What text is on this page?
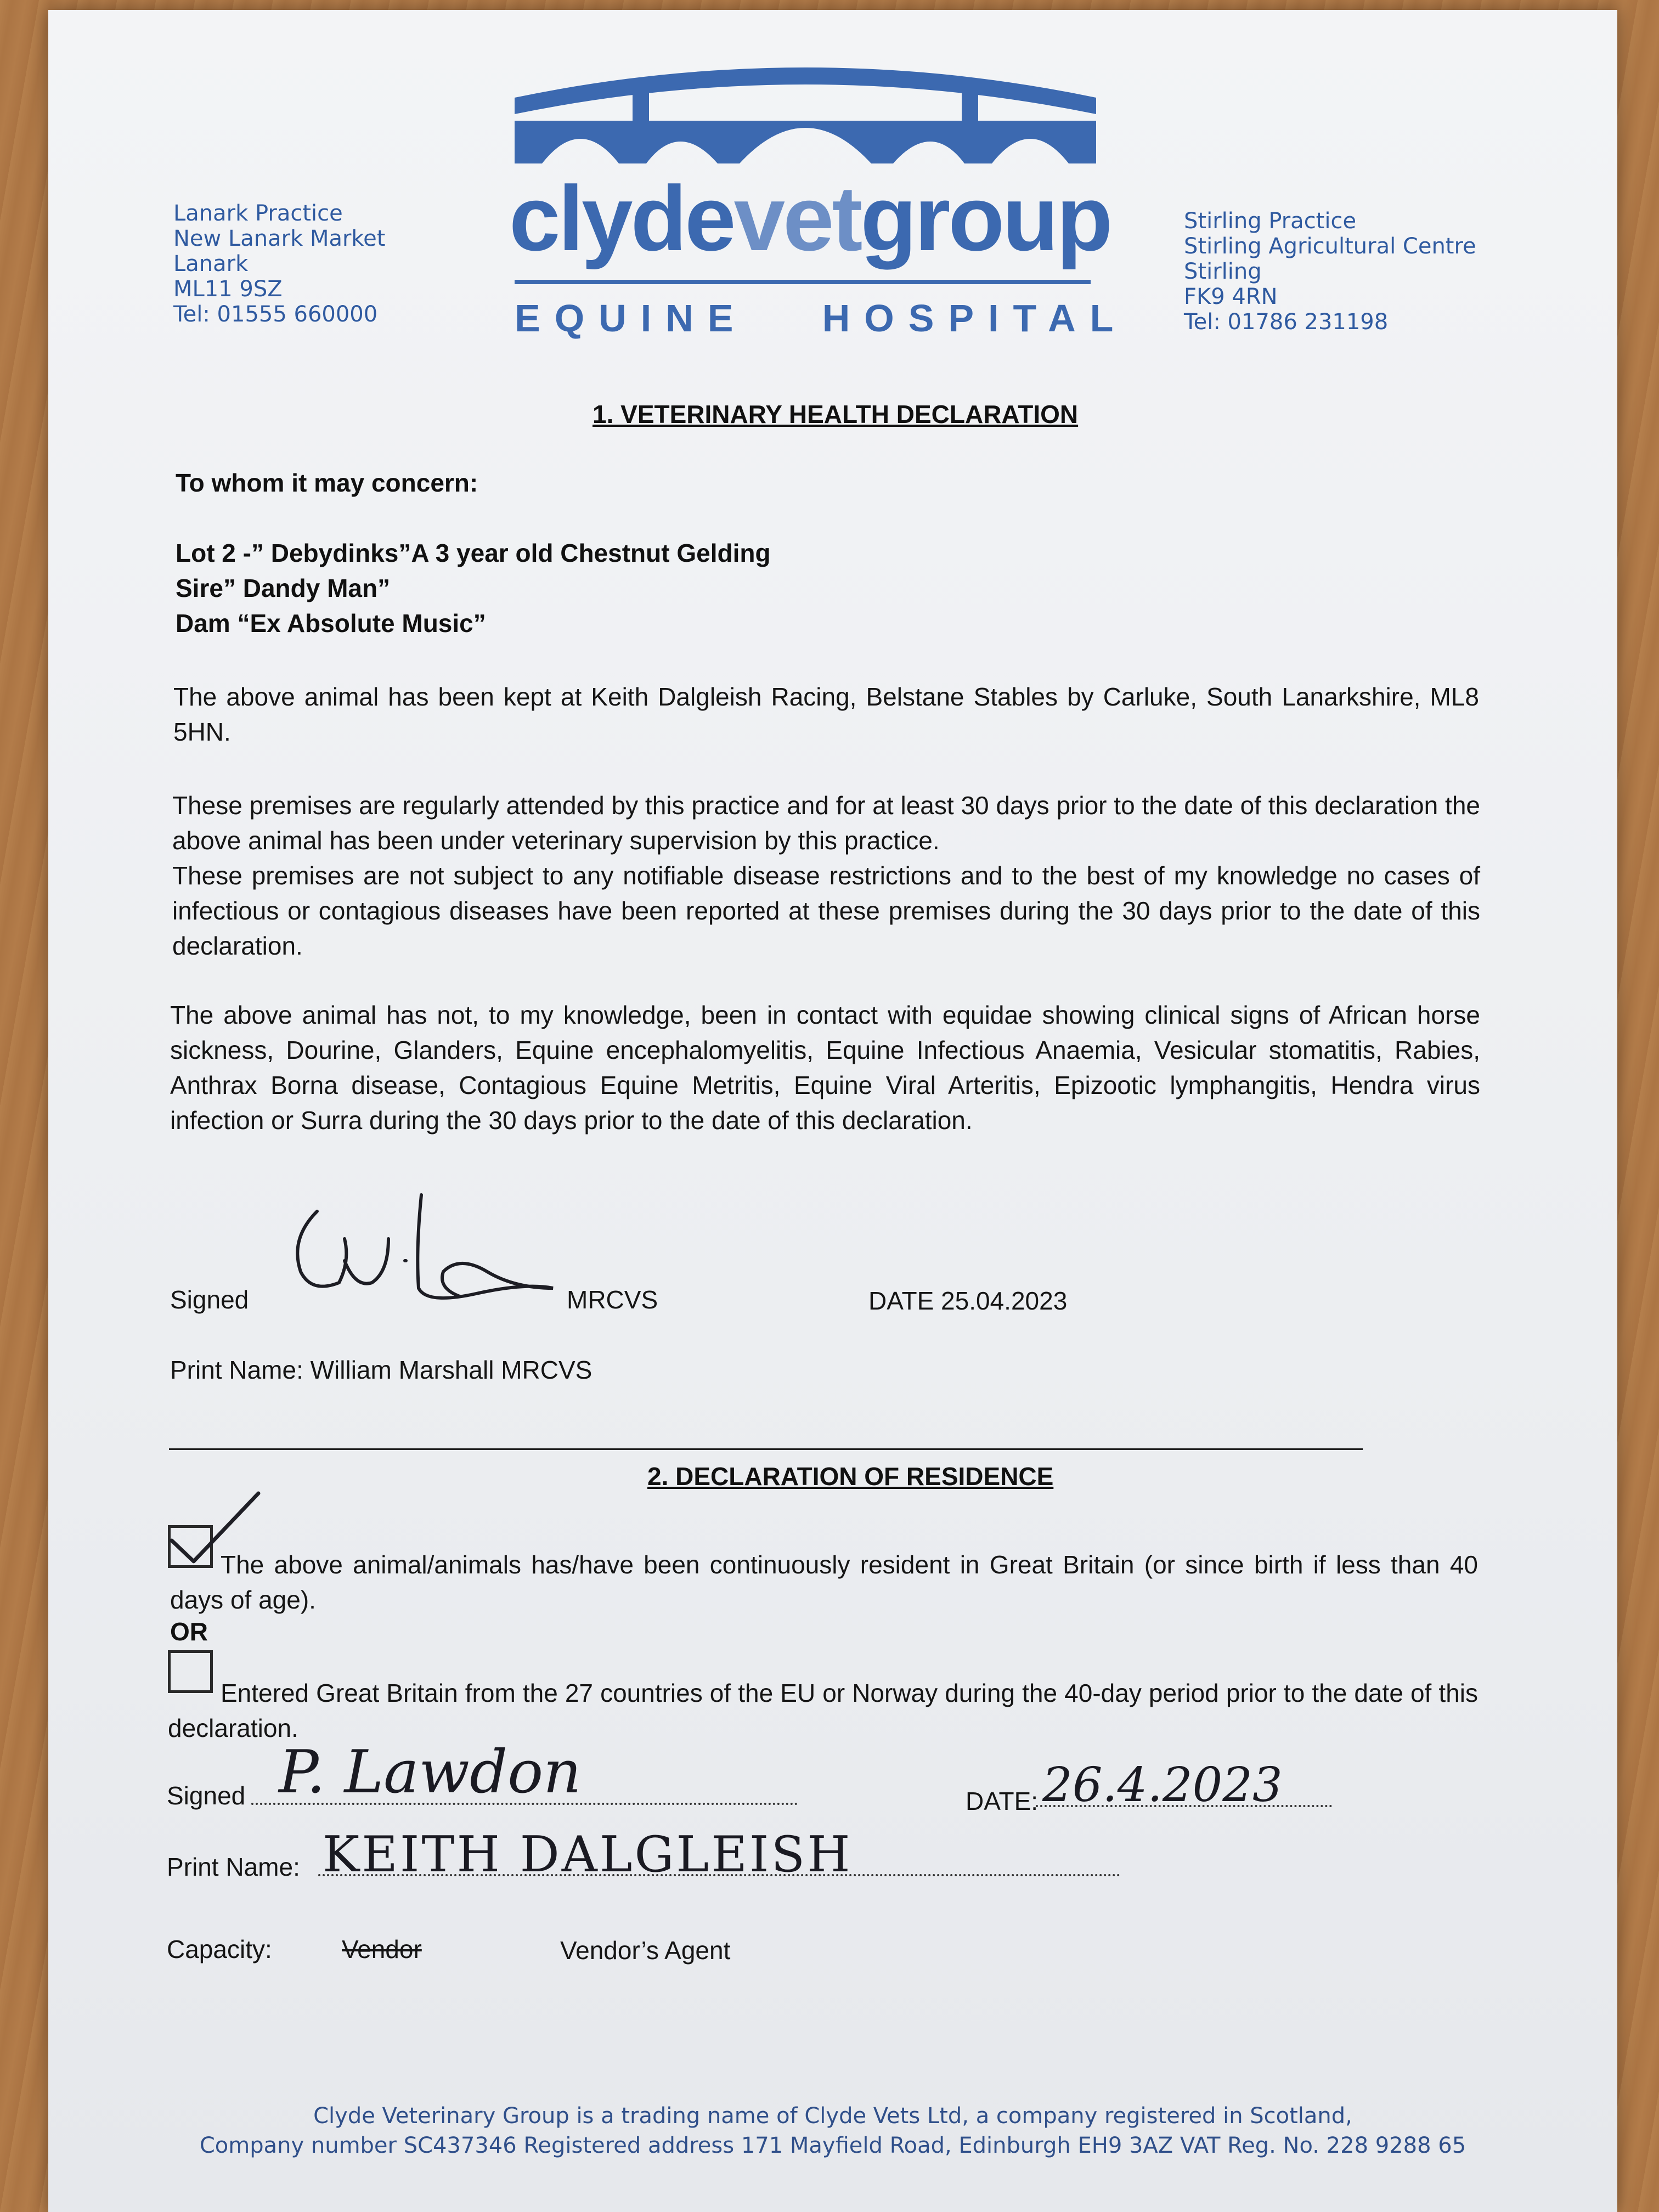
Lanark Practice
New Lanark Market
Lanark
ML11 9SZ
Tel: 01555 660000
clydevetgroup
EQUINE   HOSPITAL
Stirling Practice
Stirling Agricultural Centre
Stirling
FK9 4RN
Tel: 01786 231198
1. VETERINARY HEALTH DECLARATION
To whom it may concern:
Lot 2 -” Debydinks”A 3 year old Chestnut Gelding
Sire” Dandy Man”
Dam “Ex Absolute Music”
The above animal has been kept at Keith Dalgleish Racing, Belstane Stables by Carluke, South Lanarkshire, ML8 5HN.
These premises are regularly attended by this practice and for at least 30 days prior to the date of this declaration the above animal has been under veterinary supervision by this practice.
These premises are not subject to any notifiable disease restrictions and to the best of my knowledge no cases of infectious or contagious diseases have been reported at these premises during the 30 days prior to the date of this declaration.
The above animal has not, to my knowledge, been in contact with equidae showing clinical signs of African horse sickness, Dourine, Glanders, Equine encephalomyelitis, Equine Infectious Anaemia, Vesicular stomatitis, Rabies, Anthrax Borna disease, Contagious Equine Metritis, Equine Viral Arteritis, Epizootic lymphangitis, Hendra virus infection or Surra during the 30 days prior to the date of this declaration.
Signed	MRCVS	DATE 25.04.2023
Print Name: William Marshall MRCVS
2. DECLARATION OF RESIDENCE
The above animal/animals has/have been continuously resident in Great Britain (or since birth if less than 40 days of age).
OR
Entered Great Britain from the 27 countries of the EU or Norway during the 40-day period prior to the date of this declaration.
Signed P. Lawdon	DATE: 26.4.2023
Print Name: KEITH DALGLEISH
Capacity:	Vendor	Vendor’s Agent
Clyde Veterinary Group is a trading name of Clyde Vets Ltd, a company registered in Scotland,
Company number SC437346 Registered address 171 Mayfield Road, Edinburgh EH9 3AZ VAT Reg. No. 228 9288 65
